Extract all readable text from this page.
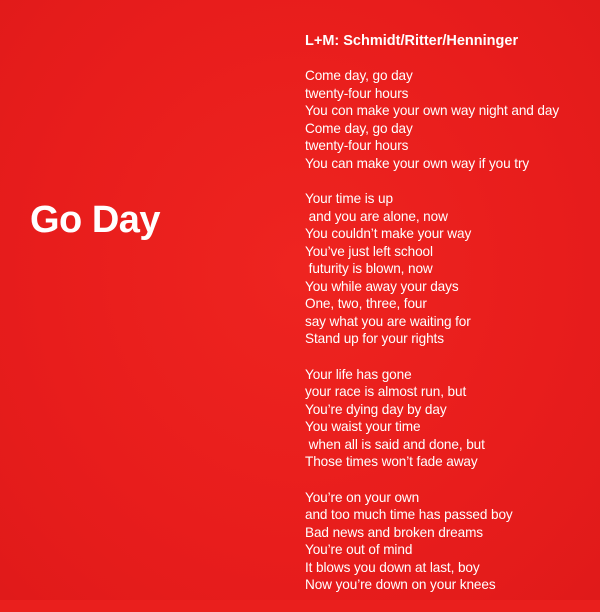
Go Day
L+M: Schmidt/Ritter/Henninger
Come day, go day
twenty-four hours
You con make your own way night and day
Come day, go day
twenty-four hours
You can make your own way if you try
Your time is up
and you are alone, now
You couldn’t make your way
You’ve just left school
futurity is blown, now
You while away your days
One, two, three, four
say what you are waiting for
Stand up for your rights
Your life has gone
your race is almost run, but
You’re dying day by day
You waist your time
when all is said and done, but
Those times won’t fade away
You’re on your own
and too much time has passed boy
Bad news and broken dreams
You’re out of mind
It blows you down at last, boy
Now you’re down on your knees
